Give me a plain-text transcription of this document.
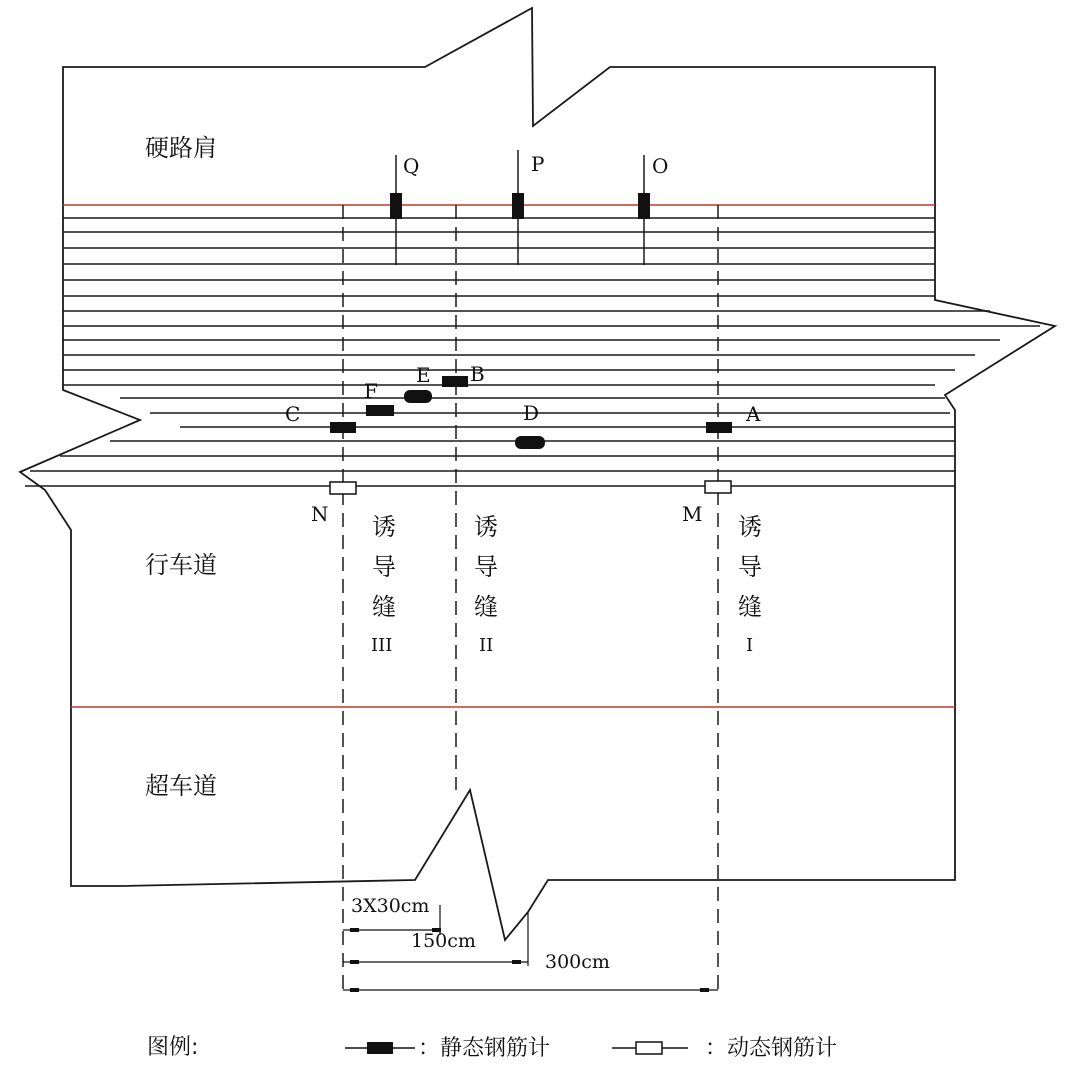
Q	P	O
E B
F
C	D	A
N	M
硬路肩
行车道
超车道
诱
导
缝
III
诱
导
缝
II
诱
导
缝
I
3X30cm
150cm
300cm
图例:	：静态钢筋计	：动态钢筋计
